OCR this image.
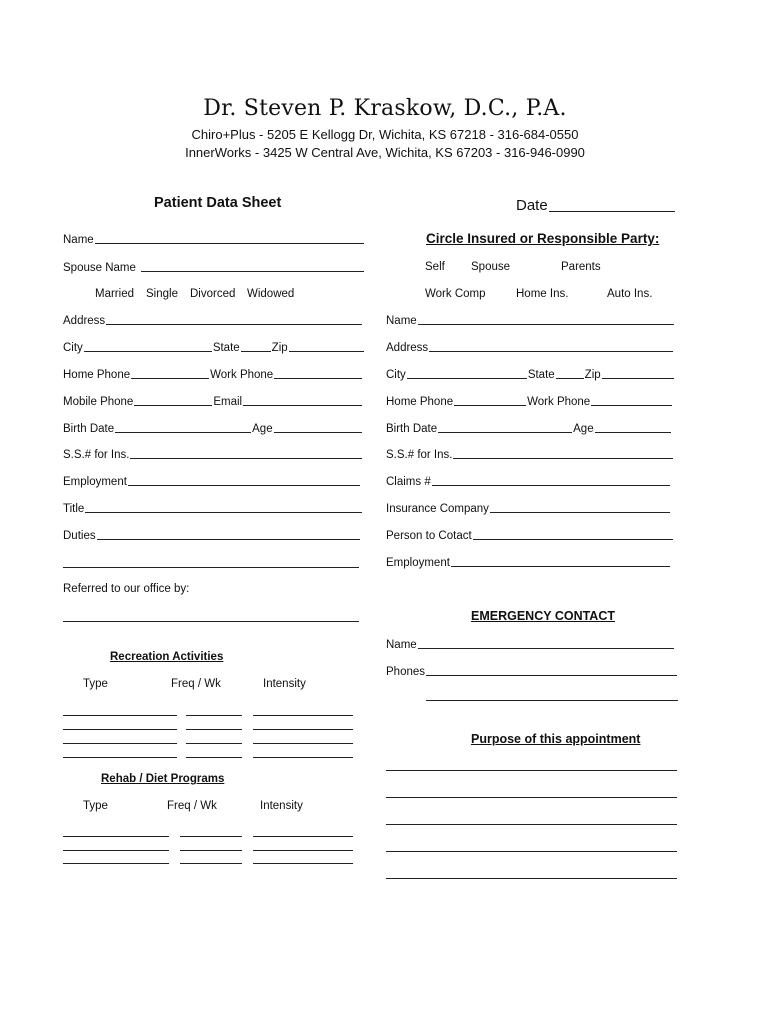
Dr. Steven P. Kraskow, D.C., P.A.
Chiro+Plus - 5205 E Kellogg Dr, Wichita, KS 67218 - 316-684-0550
InnerWorks - 3425 W Central Ave, Wichita, KS 67203 - 316-946-0990
Patient Data Sheet	Date
Name
Spouse Name
Married Single Divorced Widowed
Address
City	State	Zip
Home Phone	Work Phone
Mobile Phone	Email
Birth Date	Age
S.S.# for Ins.
Employment
Title
Duties
Referred to our office by:
Recreation Activities
Type	Freq / Wk	Intensity
Rehab / Diet Programs
Type	Freq / Wk	Intensity
Circle Insured or Responsible Party:
Self Spouse	Parents
Work Comp	Home Ins.	Auto Ins.
Name
Address
City	State	Zip
Home Phone	Work Phone
Birth Date	Age
S.S.# for Ins.
Claims #
Insurance Company
Person to Cotact
Employment
EMERGENCY CONTACT
Name
Phones
Purpose of this appointment
